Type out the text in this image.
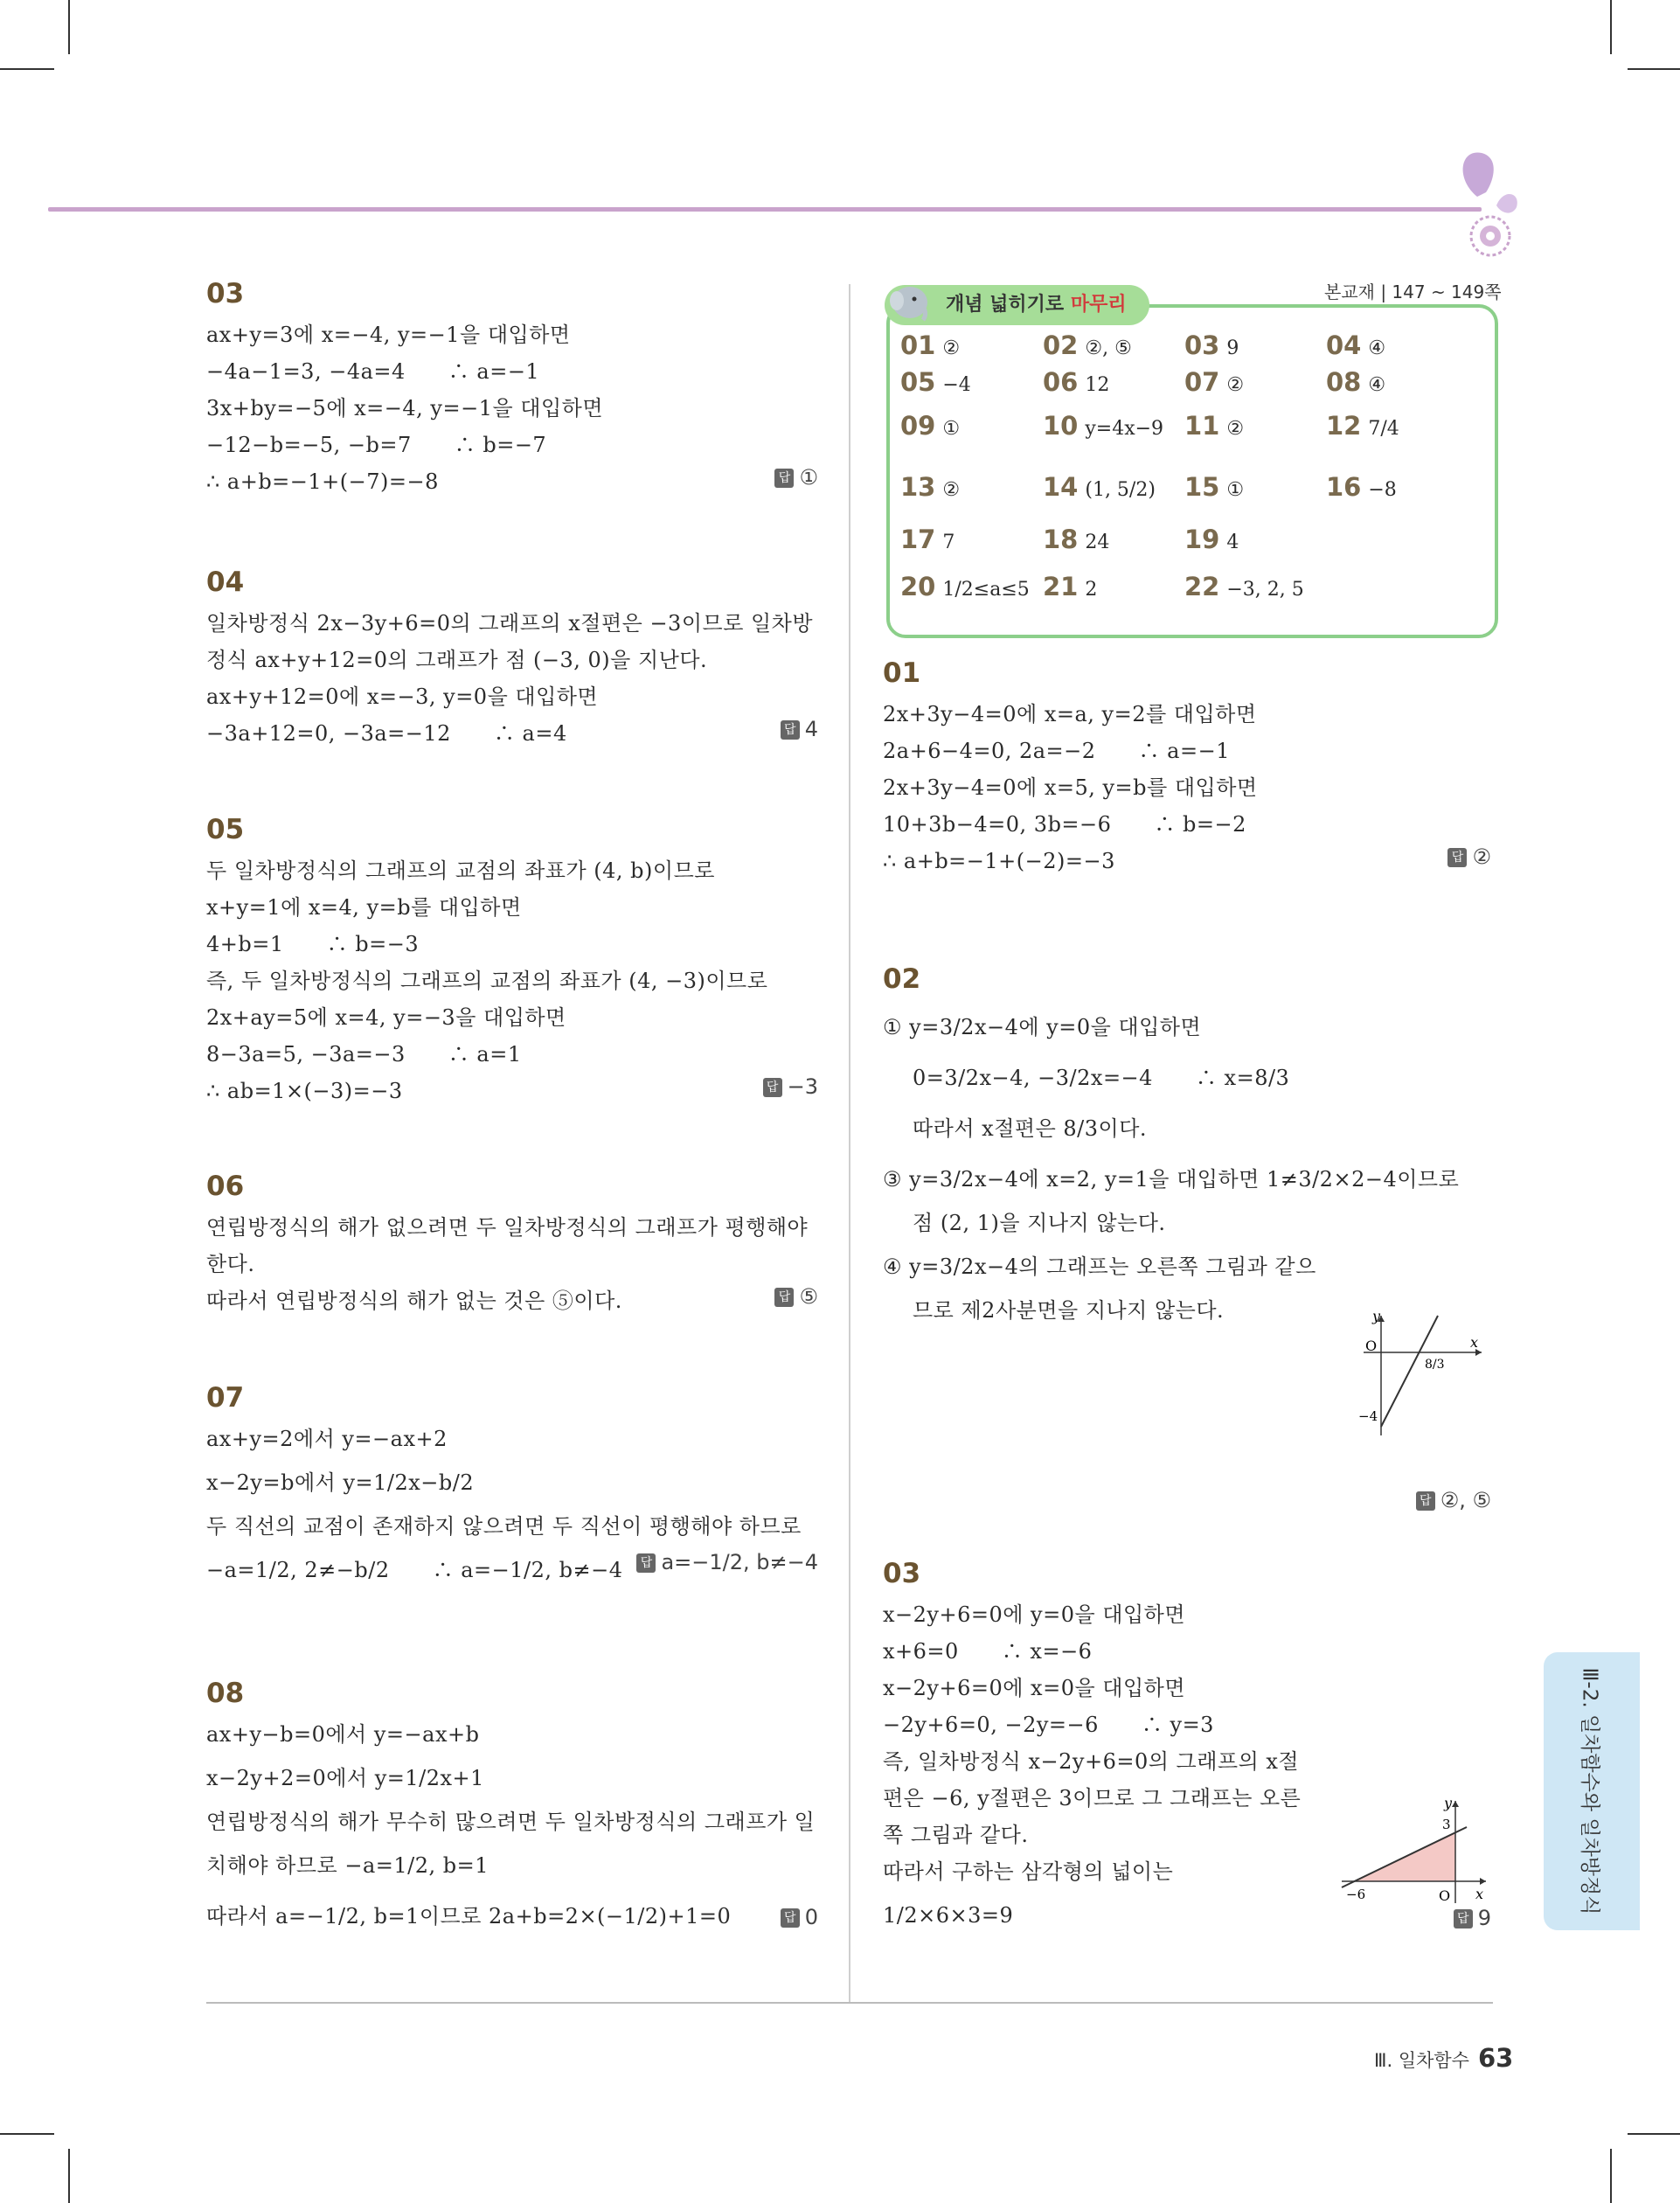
03
ax+y=3에 x=−4, y=−1을 대입하면
−4a−1=3, −4a=4　　∴ a=−1
3x+by=−5에 x=−4, y=−1을 대입하면
−12−b=−5, −b=7　　∴ b=−7
∴ a+b=−1+(−7)=−8	답 ①
04
일차방정식 2x−3y+6=0의 그래프의 x절편은 −3이므로 일차방
정식 ax+y+12=0의 그래프가 점 (−3, 0)을 지난다.
ax+y+12=0에 x=−3, y=0을 대입하면
−3a+12=0, −3a=−12　　∴ a=4	답 4
05
두 일차방정식의 그래프의 교점의 좌표가 (4, b)이므로
x+y=1에 x=4, y=b를 대입하면
4+b=1　　∴ b=−3
즉, 두 일차방정식의 그래프의 교점의 좌표가 (4, −3)이므로
2x+ay=5에 x=4, y=−3을 대입하면
8−3a=5, −3a=−3　　∴ a=1
∴ ab=1×(−3)=−3	답 −3
06
연립방정식의 해가 없으려면 두 일차방정식의 그래프가 평행해야
한다.
따라서 연립방정식의 해가 없는 것은 ⑤이다.	답 ⑤
07
ax+y=2에서 y=−ax+2
x−2y=b에서 y=1/2x−b/2
두 직선의 교점이 존재하지 않으려면 두 직선이 평행해야 하므로
−a=1/2, 2≠−b/2　　∴ a=−1/2, b≠−4	답 a=−1/2, b≠−4
08
ax+y−b=0에서 y=−ax+b
x−2y+2=0에서 y=1/2x+1
연립방정식의 해가 무수히 많으려면 두 일차방정식의 그래프가 일
치해야 하므로 −a=1/2, b=1
따라서 a=−1/2, b=1이므로 2a+b=2×(−1/2)+1=0	답 0
개념 넓히기로 마무리
본교재 | 147 ~ 149쪽
01 ②	02 ②, ⑤ 03 9	04 ④
05 −4	06 12	07 ②	08 ④
09 ①	10 y=4x−9 11 ②	12 7/4
13 ②	14 (1, 5/2) 15 ①	16 −8
17 7	18 24	19 4
20 1/2≤a≤5 21 2	22 −3, 2, 5
01
2x+3y−4=0에 x=a, y=2를 대입하면
2a+6−4=0, 2a=−2　　∴ a=−1
2x+3y−4=0에 x=5, y=b를 대입하면
10+3b−4=0, 3b=−6　　∴ b=−2
∴ a+b=−1+(−2)=−3	답 ②
02
① y=3/2x−4에 y=0을 대입하면
0=3/2x−4, −3/2x=−4　　∴ x=8/3
따라서 x절편은 8/3이다.
③ y=3/2x−4에 x=2, y=1을 대입하면 1≠3/2×2−4이므로
점 (2, 1)을 지나지 않는다.
④ y=3/2x−4의 그래프는 오른쪽 그림과 같으
므로 제2사분면을 지나지 않는다.	y
x
O
8/3
−4
답 ②, ⑤
03
x−2y+6=0에 y=0을 대입하면
x+6=0　　∴ x=−6
x−2y+6=0에 x=0을 대입하면
−2y+6=0, −2y=−6　　∴ y=3
즉, 일차방정식 x−2y+6=0의 그래프의 x절
편은 −6, y절편은 3이므로 그 그래프는 오른
쪽 그림과 같다.
따라서 구하는 삼각형의 넓이는
1/2×6×3=9
y
x
O
−6
3
답 9
Ⅲ-2. 일차함수와 일차방정식
Ⅲ. 일차함수 63
